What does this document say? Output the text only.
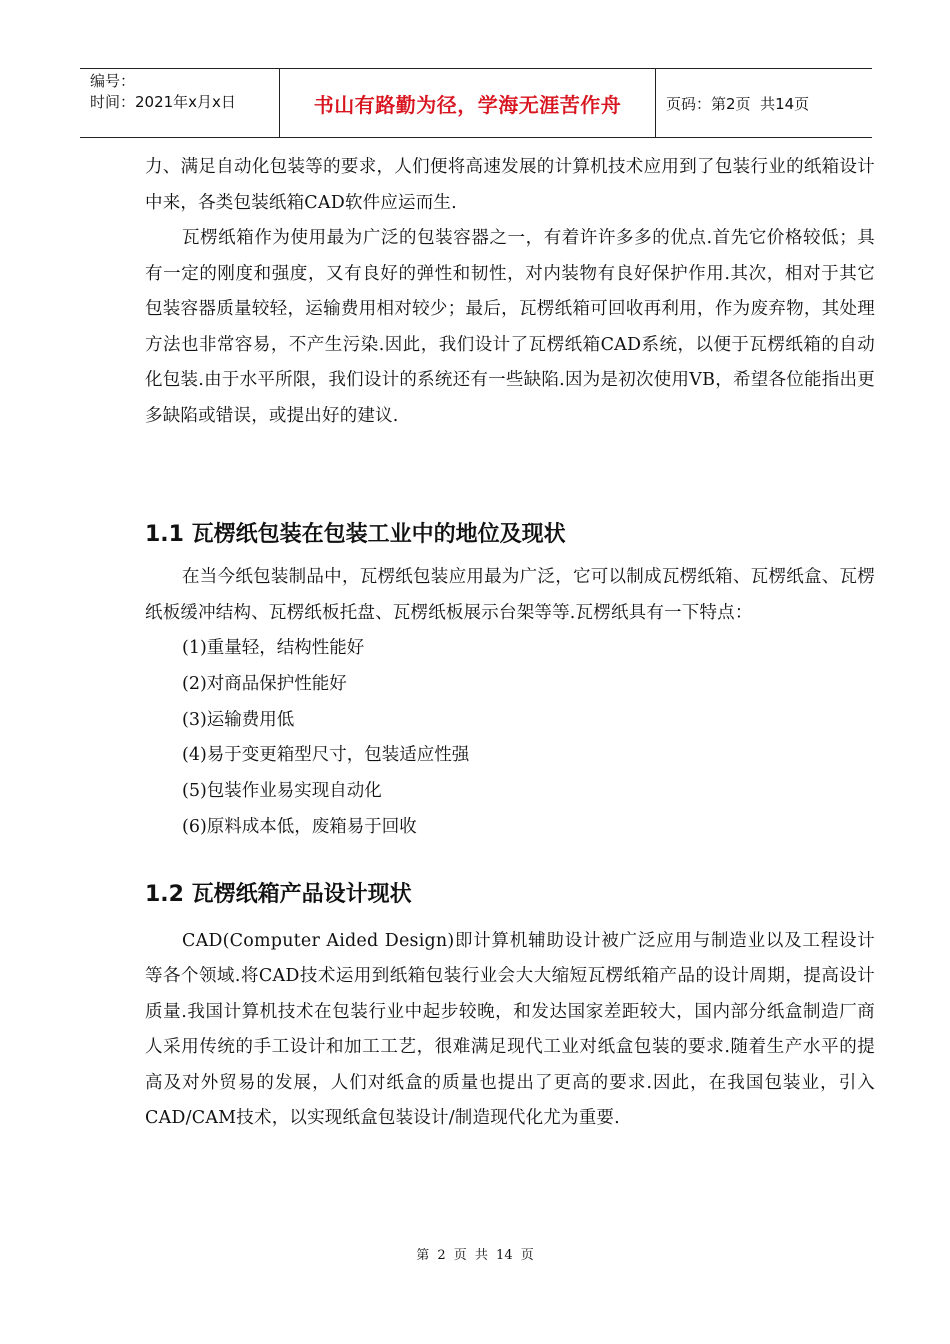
编号：
时间：2021年x月x日	书山有路勤为径，学海无涯苦作舟	页码：第2页  共14页

力、满足自动化包装等的要求，人们便将高速发展的计算机技术应用到了包装行业的纸箱设计中来，各类包装纸箱CAD软件应运而生.

瓦楞纸箱作为使用最为广泛的包装容器之一，有着许许多多的优点.首先它价格较低；具有一定的刚度和强度，又有良好的弹性和韧性，对内装物有良好保护作用.其次，相对于其它包装容器质量较轻，运输费用相对较少；最后，瓦楞纸箱可回收再利用，作为废弃物，其处理方法也非常容易，不产生污染.因此，我们设计了瓦楞纸箱CAD系统，以便于瓦楞纸箱的自动化包装.由于水平所限，我们设计的系统还有一些缺陷.因为是初次使用VB，希望各位能指出更多缺陷或错误，或提出好的建议.

1.1 瓦楞纸包装在包装工业中的地位及现状

在当今纸包装制品中，瓦楞纸包装应用最为广泛，它可以制成瓦楞纸箱、瓦楞纸盒、瓦楞纸板缓冲结构、瓦楞纸板托盘、瓦楞纸板展示台架等等.瓦楞纸具有一下特点：

(1)重量轻，结构性能好

(2)对商品保护性能好

(3)运输费用低

(4)易于变更箱型尺寸，包装适应性强

(5)包装作业易实现自动化

(6)原料成本低，废箱易于回收

1.2 瓦楞纸箱产品设计现状

CAD(Computer Aided Design)即计算机辅助设计被广泛应用与制造业以及工程设计等各个领域.将CAD技术运用到纸箱包装行业会大大缩短瓦楞纸箱产品的设计周期，提高设计质量.我国计算机技术在包装行业中起步较晚，和发达国家差距较大，国内部分纸盒制造厂商人采用传统的手工设计和加工工艺，很难满足现代工业对纸盒包装的要求.随着生产水平的提高及对外贸易的发展，人们对纸盒的质量也提出了更高的要求.因此，在我国包装业，引入CAD/CAM技术，以实现纸盒包装设计/制造现代化尤为重要.

第 2 页 共 14 页
